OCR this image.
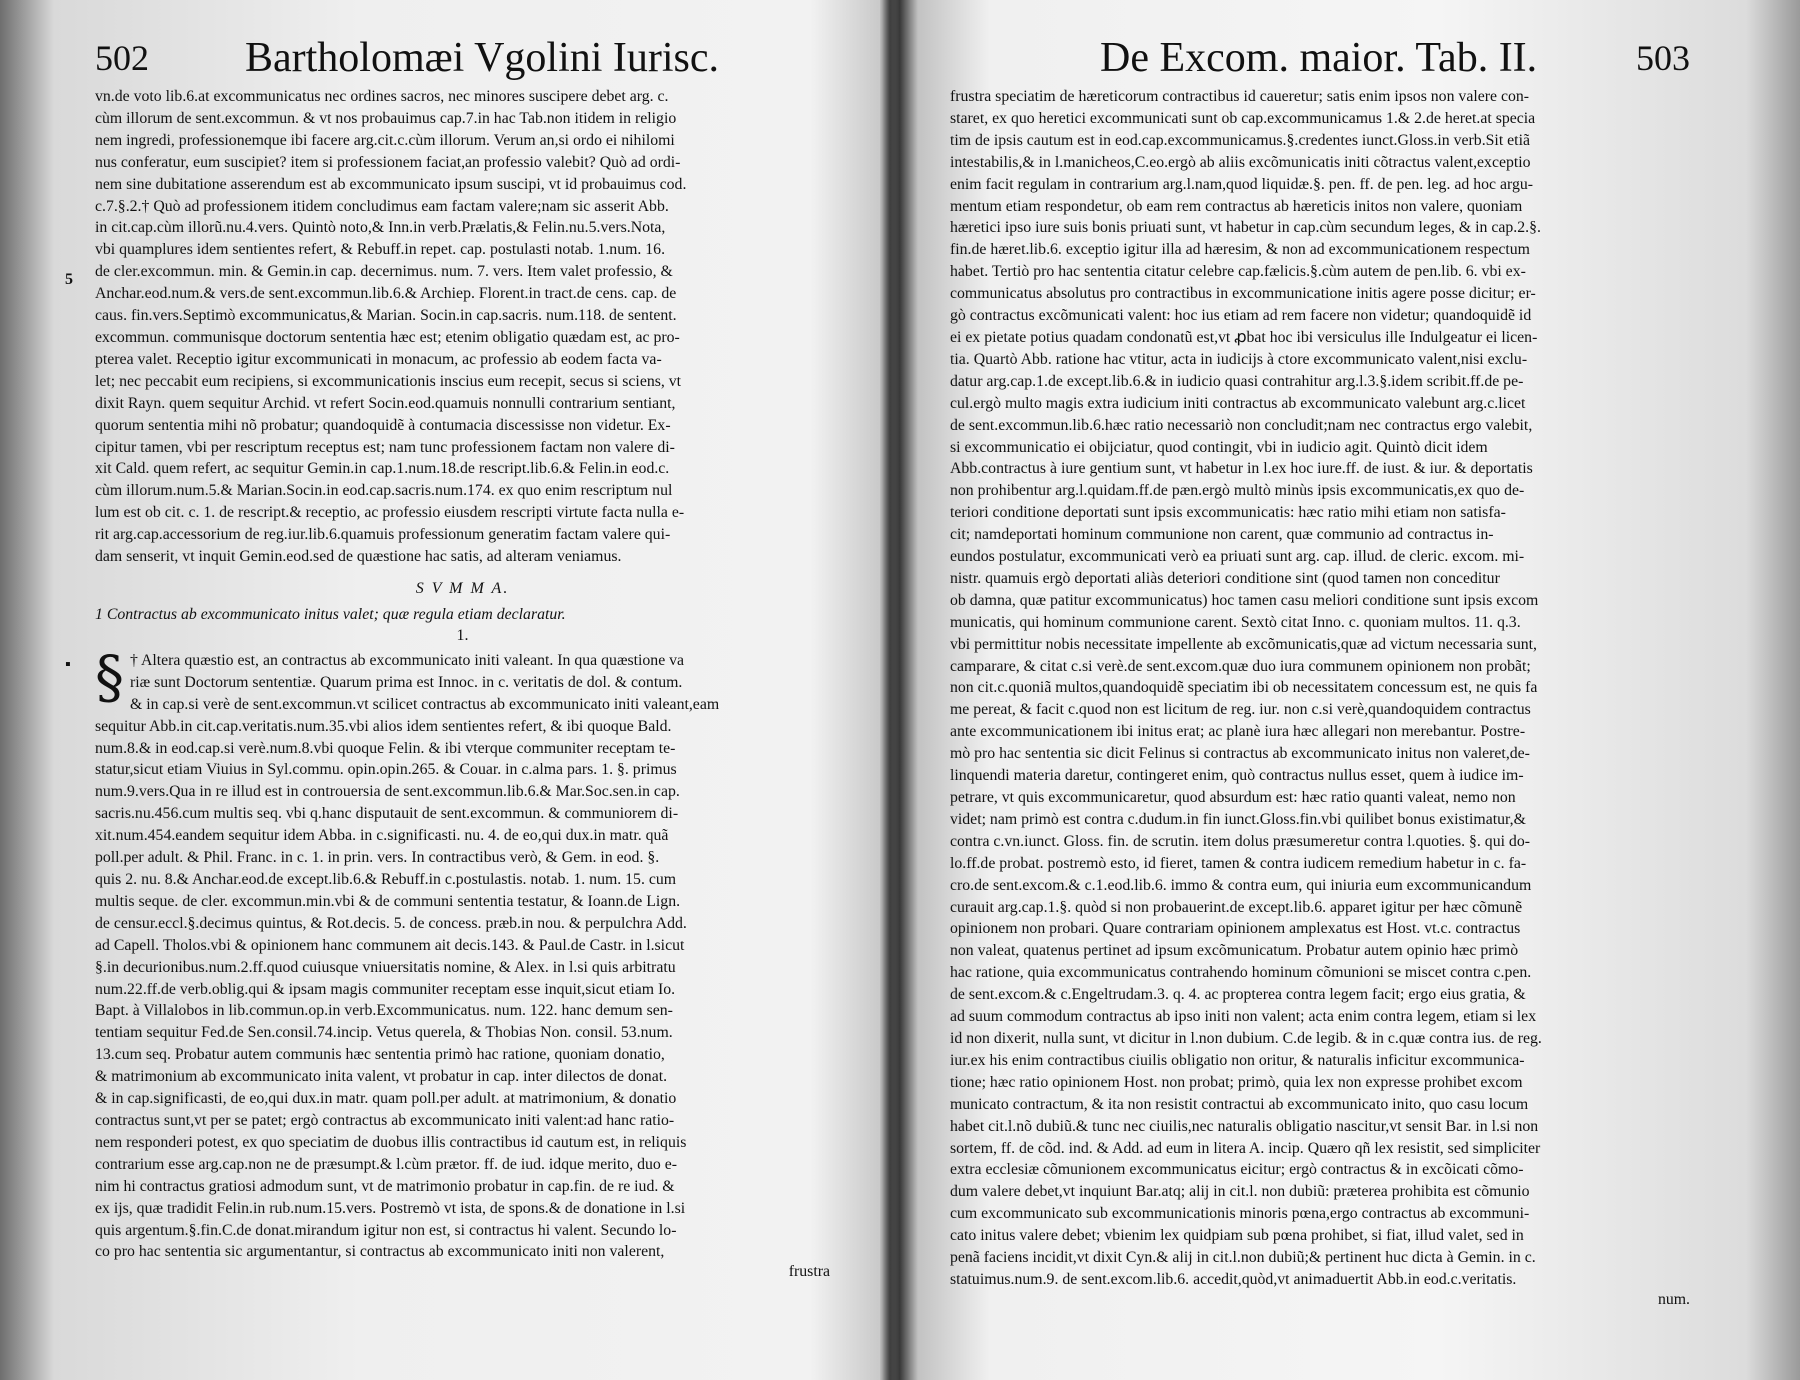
502 Bartholomæi Vgolini Iurisc.
vn.de voto lib.6.at excommunicatus nec ordines sacros, nec minores suscipere debet arg. c.
cùm illorum de sent.excommun. & vt nos probauimus cap.7.in hac Tab.non itidem in religio
nem ingredi, professionemque ibi facere arg.cit.c.cùm illorum. Verum an,si ordo ei nihilomi
nus conferatur, eum suscipiet? item si professionem faciat,an professio valebit? Quò ad ordi-
nem sine dubitatione asserendum est ab excommunicato ipsum suscipi, vt id probauimus cod.
c.7.§.2.† Quò ad professionem itidem concludimus eam factam valere;nam sic asserit Abb.
in cit.cap.cùm illorũ.nu.4.vers. Quintò noto,& Inn.in verb.Prælatis,& Felin.nu.5.vers.Nota,
vbi quamplures idem sentientes refert, & Rebuff.in repet. cap. postulasti notab. 1.num. 16.
de cler.excommun. min. & Gemin.in cap. decernimus. num. 7. vers. Item valet professio, &
Anchar.eod.num.& vers.de sent.excommun.lib.6.& Archiep. Florent.in tract.de cens. cap. de
caus. fin.vers.Septimò excommunicatus,& Marian. Socin.in cap.sacris. num.118. de sentent.
excommun. communisque doctorum sententia hæc est; etenim obligatio quædam est, ac pro-
pterea valet. Receptio igitur excommunicati in monacum, ac professio ab eodem facta va-
let; nec peccabit eum recipiens, si excommunicationis inscius eum recepit, secus si sciens, vt
dixit Rayn. quem sequitur Archid. vt refert Socin.eod.quamuis nonnulli contrarium sentiant,
quorum sententia mihi nõ probatur; quandoquidẽ à contumacia discessisse non videtur. Ex-
cipitur tamen, vbi per rescriptum receptus est; nam tunc professionem factam non valere di-
xit Cald. quem refert, ac sequitur Gemin.in cap.1.num.18.de rescript.lib.6.& Felin.in eod.c.
cùm illorum.num.5.& Marian.Socin.in eod.cap.sacris.num.174. ex quo enim rescriptum nul
lum est ob cit. c. 1. de rescript.& receptio, ac professio eiusdem rescripti virtute facta nulla e-
rit arg.cap.accessorium de reg.iur.lib.6.quamuis professionum generatim factam valere qui-
dam senserit, vt inquit Gemin.eod.sed de quæstione hac satis, ad alteram veniamus.
5
S V M M A.
1 Contractus ab excommunicato initus valet; quæ regula etiam declaratur.
1.
▪ § † Altera quæstio est, an contractus ab excommunicato initi valeant. In qua quæstione va
riæ sunt Doctorum sententiæ. Quarum prima est Innoc. in c. veritatis de dol. & contum.
& in cap.si verè de sent.excommun.vt scilicet contractus ab excommunicato initi valeant,eam
sequitur Abb.in cit.cap.veritatis.num.35.vbi alios idem sentientes refert, & ibi quoque Bald.
num.8.& in eod.cap.si verè.num.8.vbi quoque Felin. & ibi vterque communiter receptam te-
statur,sicut etiam Viuius in Syl.commu. opin.opin.265. & Couar. in c.alma pars. 1. §. primus
num.9.vers.Qua in re illud est in controuersia de sent.excommun.lib.6.& Mar.Soc.sen.in cap.
sacris.nu.456.cum multis seq. vbi q.hanc disputauit de sent.excommun. & communiorem di-
xit.num.454.eandem sequitur idem Abba. in c.significasti. nu. 4. de eo,qui dux.in matr. quã
poll.per adult. & Phil. Franc. in c. 1. in prin. vers. In contractibus verò, & Gem. in eod. §.
quis 2. nu. 8.& Anchar.eod.de except.lib.6.& Rebuff.in c.postulastis. notab. 1. num. 15. cum
multis seque. de cler. excommun.min.vbi & de communi sententia testatur, & Ioann.de Lign.
de censur.eccl.§.decimus quintus, & Rot.decis. 5. de concess. præb.in nou. & perpulchra Add.
ad Capell. Tholos.vbi & opinionem hanc communem ait decis.143. & Paul.de Castr. in l.sicut
§.in decurionibus.num.2.ff.quod cuiusque vniuersitatis nomine, & Alex. in l.si quis arbitratu
num.22.ff.de verb.oblig.qui & ipsam magis communiter receptam esse inquit,sicut etiam Io.
Bapt. à Villalobos in lib.commun.op.in verb.Excommunicatus. num. 122. hanc demum sen-
tentiam sequitur Fed.de Sen.consil.74.incip. Vetus querela, & Thobias Non. consil. 53.num.
13.cum seq. Probatur autem communis hæc sententia primò hac ratione, quoniam donatio,
& matrimonium ab excommunicato inita valent, vt probatur in cap. inter dilectos de donat.
& in cap.significasti, de eo,qui dux.in matr. quam poll.per adult. at matrimonium, & donatio
contractus sunt,vt per se patet; ergò contractus ab excommunicato initi valent:ad hanc ratio-
nem responderi potest, ex quo speciatim de duobus illis contractibus id cautum est, in reliquis
contrarium esse arg.cap.non ne de præsumpt.& l.cùm prætor. ff. de iud. idque merito, duo e-
nim hi contractus gratiosi admodum sunt, vt de matrimonio probatur in cap.fin. de re iud. &
ex ijs, quæ tradidit Felin.in rub.num.15.vers. Postremò vt ista, de spons.& de donatione in l.si
quis argentum.§.fin.C.de donat.mirandum igitur non est, si contractus hi valent. Secundo lo-
co pro hac sententia sic argumentantur, si contractus ab excommunicato initi non valerent,
frustra
De Excom. maior. Tab. II.	503
frustra speciatim de hæreticorum contractibus id caueretur; satis enim ipsos non valere con-
staret, ex quo heretici excommunicati sunt ob cap.excommunicamus 1.& 2.de heret.at specia
tim de ipsis cautum est in eod.cap.excommunicamus.§.credentes iunct.Gloss.in verb.Sit etiã
intestabilis,& in l.manicheos,C.eo.ergò ab aliis excõmunicatis initi cõtractus valent,exceptio
enim facit regulam in contrarium arg.l.nam,quod liquidæ.§. pen. ff. de pen. leg. ad hoc argu-
mentum etiam respondetur, ob eam rem contractus ab hæreticis initos non valere, quoniam
hæretici ipso iure suis bonis priuati sunt, vt habetur in cap.cùm secundum leges, & in cap.2.§.
fin.de hæret.lib.6. exceptio igitur illa ad hæresim, & non ad excommunicationem respectum
habet. Tertiò pro hac sententia citatur celebre cap.fælicis.§.cùm autem de pen.lib. 6. vbi ex-
communicatus absolutus pro contractibus in excommunicatione initis agere posse dicitur; er-
gò contractus excõmunicati valent: hoc ius etiam ad rem facere non videtur; quandoquidẽ id
ei ex pietate potius quadam condonatũ est,vt ꝓbat hoc ibi versiculus ille Indulgeatur ei licen-
tia. Quartò Abb. ratione hac vtitur, acta in iudicijs à ctore excommunicato valent,nisi exclu-
datur arg.cap.1.de except.lib.6.& in iudicio quasi contrahitur arg.l.3.§.idem scribit.ff.de pe-
cul.ergò multo magis extra iudicium initi contractus ab excommunicato valebunt arg.c.licet
de sent.excommun.lib.6.hæc ratio necessariò non concludit;nam nec contractus ergo valebit,
si excommunicatio ei obijciatur, quod contingit, vbi in iudicio agit. Quintò dicit idem
Abb.contractus à iure gentium sunt, vt habetur in l.ex hoc iure.ff. de iust. & iur. & deportatis
non prohibentur arg.l.quidam.ff.de pæn.ergò multò minùs ipsis excommunicatis,ex quo de-
teriori conditione deportati sunt ipsis excommunicatis: hæc ratio mihi etiam non satisfa-
cit; namdeportati hominum communione non carent, quæ communio ad contractus in-
eundos postulatur, excommunicati verò ea priuati sunt arg. cap. illud. de cleric. excom. mi-
nistr. quamuis ergò deportati aliàs deteriori conditione sint (quod tamen non conceditur
ob damna, quæ patitur excommunicatus) hoc tamen casu meliori conditione sunt ipsis excom
municatis, qui hominum communione carent. Sextò citat Inno. c. quoniam multos. 11. q.3.
vbi permittitur nobis necessitate impellente ab excõmunicatis,quæ ad victum necessaria sunt,
camparare, & citat c.si verè.de sent.excom.quæ duo iura communem opinionem non probãt;
non cit.c.quoniã multos,quandoquidẽ speciatim ibi ob necessitatem concessum est, ne quis fa
me pereat, & facit c.quod non est licitum de reg. iur. non c.si verè,quandoquidem contractus
ante excommunicationem ibi initus erat; ac planè iura hæc allegari non merebantur. Postre-
mò pro hac sententia sic dicit Felinus si contractus ab excommunicato initus non valeret,de-
linquendi materia daretur, contingeret enim, quò contractus nullus esset, quem à iudice im-
petrare, vt quis excommunicaretur, quod absurdum est: hæc ratio quanti valeat, nemo non
videt; nam primò est contra c.dudum.in fin iunct.Gloss.fin.vbi quilibet bonus existimatur,&
contra c.vn.iunct. Gloss. fin. de scrutin. item dolus præsumeretur contra l.quoties. §. qui do-
lo.ff.de probat. postremò esto, id fieret, tamen & contra iudicem remedium habetur in c. fa-
cro.de sent.excom.& c.1.eod.lib.6. immo & contra eum, qui iniuria eum excommunicandum
curauit arg.cap.1.§. quòd si non probauerint.de except.lib.6. apparet igitur per hæc cõmunẽ
opinionem non probari. Quare contrariam opinionem amplexatus est Host. vt.c. contractus
non valeat, quatenus pertinet ad ipsum excõmunicatum. Probatur autem opinio hæc primò
hac ratione, quia excommunicatus contrahendo hominum cõmunioni se miscet contra c.pen.
de sent.excom.& c.Engeltrudam.3. q. 4. ac propterea contra legem facit; ergo eius gratia, &
ad suum commodum contractus ab ipso initi non valent; acta enim contra legem, etiam si lex
id non dixerit, nulla sunt, vt dicitur in l.non dubium. C.de legib. & in c.quæ contra ius. de reg.
iur.ex his enim contractibus ciuilis obligatio non oritur, & naturalis inficitur excommunica-
tione; hæc ratio opinionem Host. non probat; primò, quia lex non expresse prohibet excom
municato contractum, & ita non resistit contractui ab excommunicato inito, quo casu locum
habet cit.l.nõ dubiũ.& tunc nec ciuilis,nec naturalis obligatio nascitur,vt sensit Bar. in l.si non
sortem, ff. de cõd. ind. & Add. ad eum in litera A. incip. Quæro qñ lex resistit, sed simpliciter
extra ecclesiæ cõmunionem excommunicatus eicitur; ergò contractus & in excõicati cõmo-
dum valere debet,vt inquiunt Bar.atq; alij in cit.l. non dubiũ: præterea prohibita est cõmunio
cum excommunicato sub excommunicationis minoris pœna,ergo contractus ab excommuni-
cato initus valere debet; vbienim lex quidpiam sub pœna prohibet, si fiat, illud valet, sed in
penã faciens incidit,vt dixit Cyn.& alij in cit.l.non dubiũ;& pertinent huc dicta à Gemin. in c.
statuimus.num.9. de sent.excom.lib.6. accedit,quòd,vt animaduertit Abb.in eod.c.veritatis.
num.
